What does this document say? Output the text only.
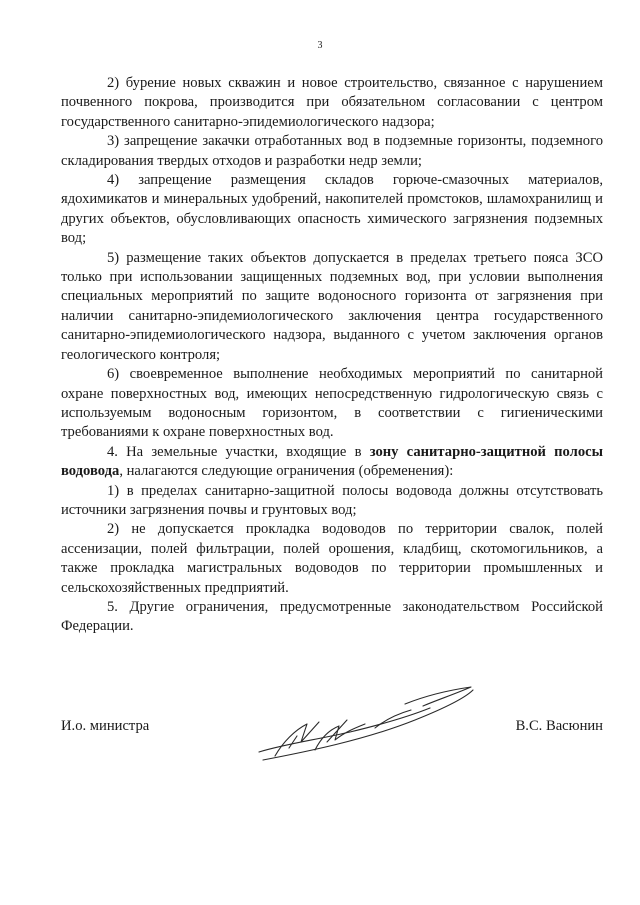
3

2) бурение новых скважин и новое строительство, связанное с нарушением почвенного покрова, производится при обязательном согласовании с центром государственного санитарно-эпидемиологического надзора;

3) запрещение закачки отработанных вод в подземные горизонты, подземного складирования твердых отходов и разработки недр земли;

4) запрещение размещения складов горюче-смазочных материалов, ядохимикатов и минеральных удобрений, накопителей промстоков, шламохранилищ и других объектов, обусловливающих опасность химического загрязнения подземных вод;

5) размещение таких объектов допускается в пределах третьего пояса ЗСО только при использовании защищенных подземных вод, при условии выполнения специальных мероприятий по защите водоносного горизонта от загрязнения при наличии санитарно-эпидемиологического заключения центра государственного санитарно-эпидемиологического надзора, выданного с учетом заключения органов геологического контроля;

6) своевременное выполнение необходимых мероприятий по санитарной охране поверхностных вод, имеющих непосредственную гидрологическую связь с используемым водоносным горизонтом, в соответствии с гигиеническими требованиями к охране поверхностных вод.

4. На земельные участки, входящие в зону санитарно-защитной полосы водовода, налагаются следующие ограничения (обременения):

1) в пределах санитарно-защитной полосы водовода должны отсутствовать источники загрязнения почвы и грунтовых вод;

2) не допускается прокладка водоводов по территории свалок, полей ассенизации, полей фильтрации, полей орошения, кладбищ, скотомогильников, а также прокладка магистральных водоводов по территории промышленных и сельскохозяйственных предприятий.

5. Другие ограничения, предусмотренные законодательством Российской Федерации.

И.о. министра	В.С. Васюнин
